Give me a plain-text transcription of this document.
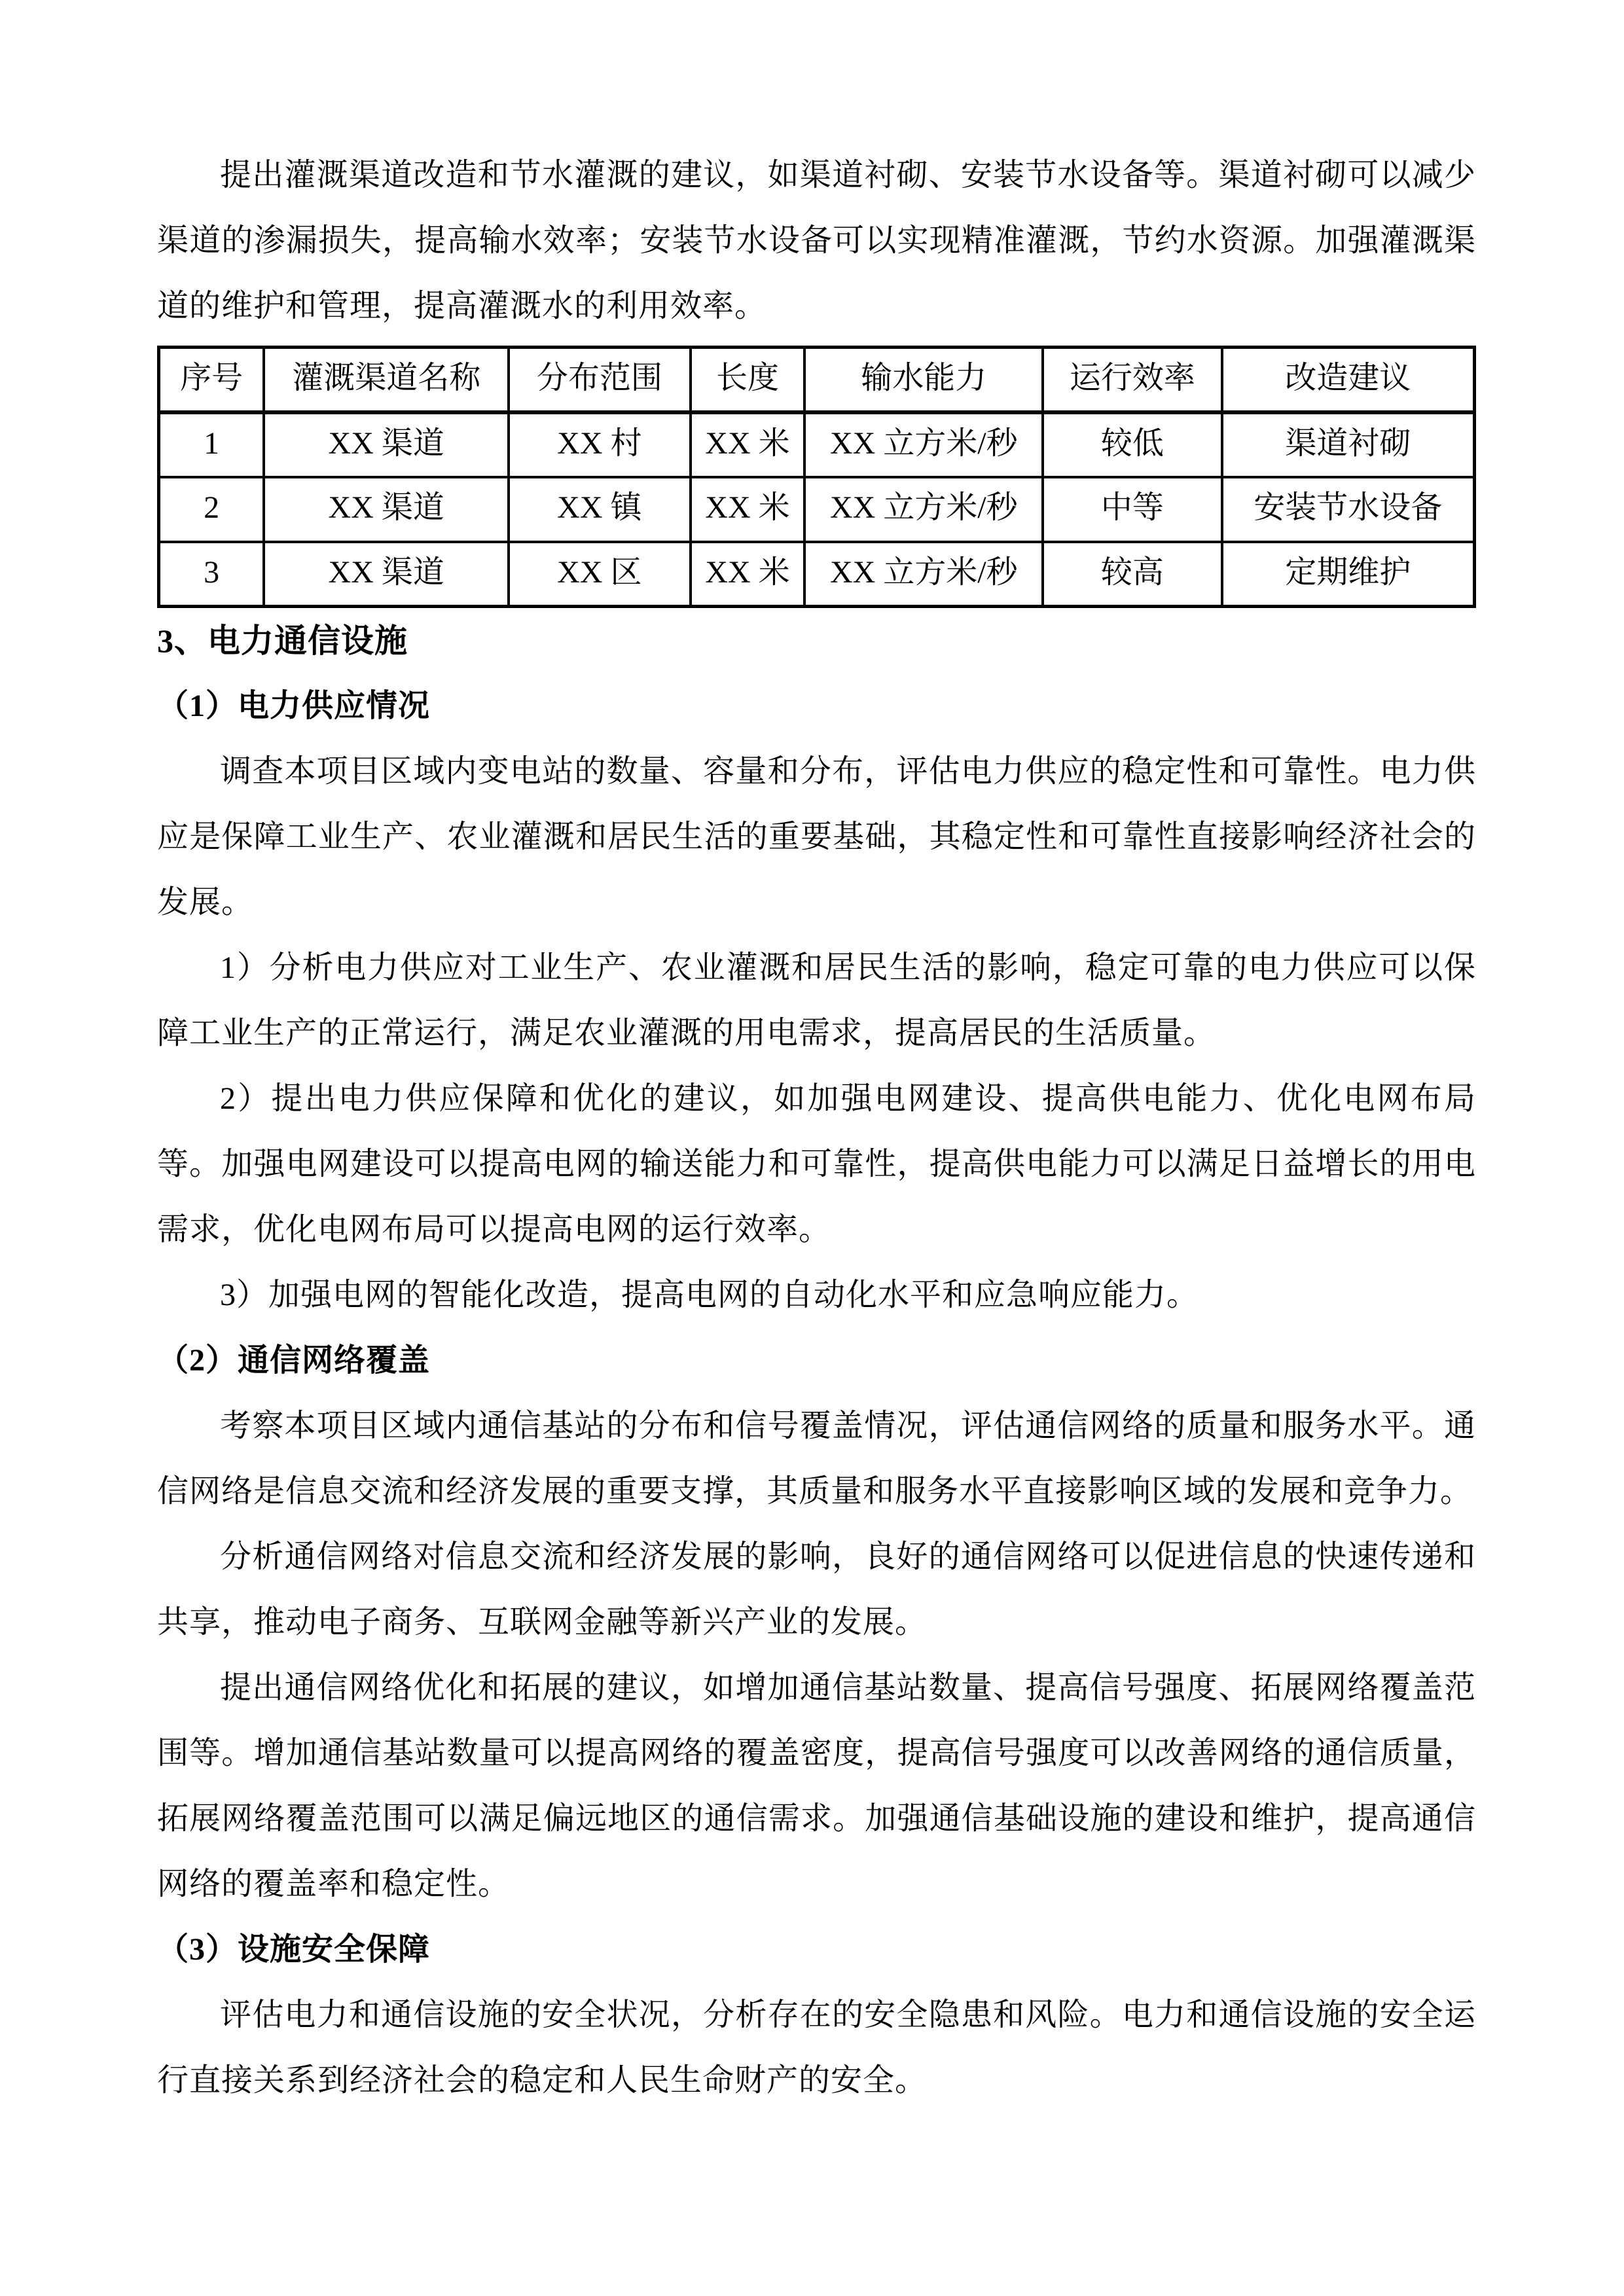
提出灌溉渠道改造和节水灌溉的建议，如渠道衬砌、安装节水设备等。渠道衬砌可以减少渠道的渗漏损失，提高输水效率；安装节水设备可以实现精准灌溉，节约水资源。加强灌溉渠道的维护和管理，提高灌溉水的利用效率。

序号	灌溉渠道名称	分布范围	长度	输水能力	运行效率	改造建议
1	XX 渠道	XX 村	XX 米	XX 立方米/秒	较低	渠道衬砌
2	XX 渠道	XX 镇	XX 米	XX 立方米/秒	中等	安装节水设备
3	XX 渠道	XX 区	XX 米	XX 立方米/秒	较高	定期维护
3、电力通信设施
（1）电力供应情况

调查本项目区域内变电站的数量、容量和分布，评估电力供应的稳定性和可靠性。电力供应是保障工业生产、农业灌溉和居民生活的重要基础，其稳定性和可靠性直接影响经济社会的发展。

1）分析电力供应对工业生产、农业灌溉和居民生活的影响，稳定可靠的电力供应可以保障工业生产的正常运行，满足农业灌溉的用电需求，提高居民的生活质量。

2）提出电力供应保障和优化的建议，如加强电网建设、提高供电能力、优化电网布局等。加强电网建设可以提高电网的输送能力和可靠性，提高供电能力可以满足日益增长的用电需求，优化电网布局可以提高电网的运行效率。

3）加强电网的智能化改造，提高电网的自动化水平和应急响应能力。

（2）通信网络覆盖

考察本项目区域内通信基站的分布和信号覆盖情况，评估通信网络的质量和服务水平。通信网络是信息交流和经济发展的重要支撑，其质量和服务水平直接影响区域的发展和竞争力。

分析通信网络对信息交流和经济发展的影响，良好的通信网络可以促进信息的快速传递和共享，推动电子商务、互联网金融等新兴产业的发展。

提出通信网络优化和拓展的建议，如增加通信基站数量、提高信号强度、拓展网络覆盖范围等。增加通信基站数量可以提高网络的覆盖密度，提高信号强度可以改善网络的通信质量，拓展网络覆盖范围可以满足偏远地区的通信需求。加强通信基础设施的建设和维护，提高通信网络的覆盖率和稳定性。

（3）设施安全保障

评估电力和通信设施的安全状况，分析存在的安全隐患和风险。电力和通信设施的安全运行直接关系到经济社会的稳定和人民生命财产的安全。
